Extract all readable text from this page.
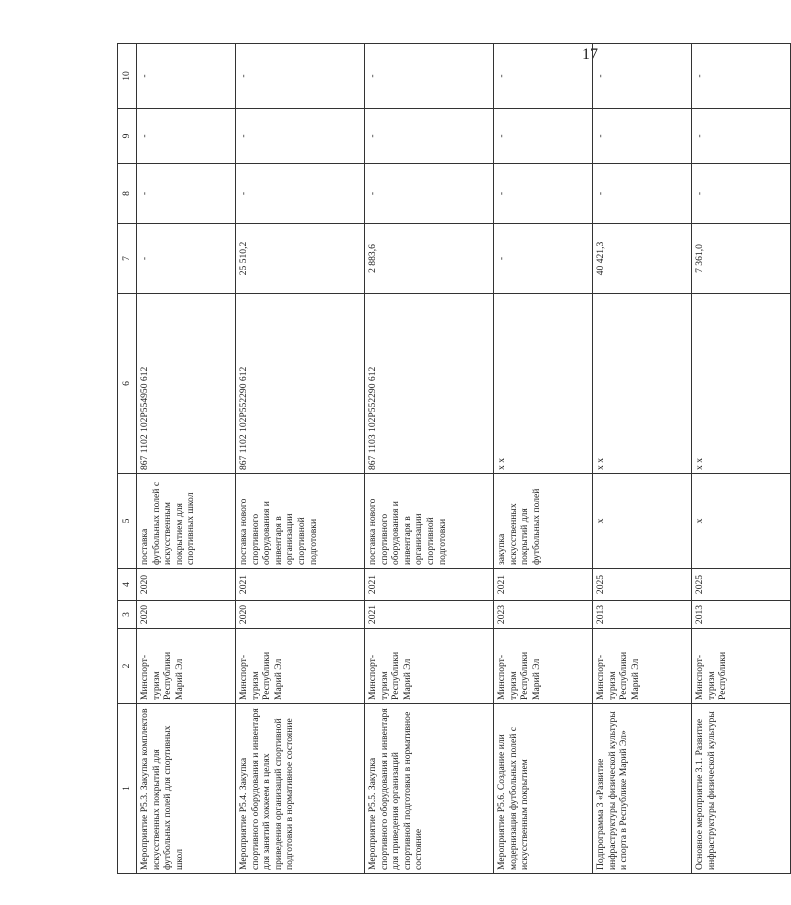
17
1	2	3	4	5	6	7	8	9	10
Мероприятие Р5.3. Закупка комплектов искусственных покрытий для футбольных полей для спортивных школ	Минспорт-туризм Республики Марий Эл	2020	2020	поставка футбольных полей с искусственным покрытием для спортивных школ	867 1102 102P554950 612	-	-	-	-
Мероприятие Р5.4. Закупка спортивного оборудования и инвентаря для занятий хоккеем в целях приведения организаций спортивной подготовки в нормативное состояние	Минспорт-туризм Республики Марий Эл	2020	2021	поставка нового спортивного оборудования и инвентаря в организации спортивной подготовки	867 1102 102P552290 612	25 510,2	-	-	-
Мероприятие Р5.5. Закупка спортивного оборудования и инвентаря для приведения организаций спортивной подготовки в нормативное состояние	Минспорт-туризм Республики Марий Эл	2021	2021	поставка нового спортивного оборудования и инвентаря в организации спортивной подготовки	867 1103 102P552290 612	2 883,6	-	-	-
Мероприятие Р5.6. Создание или модернизация футбольных полей с искусственным покрытием	Минспорт-туризм Республики Марий Эл	2023	2021	закупка искусственных покрытий для футбольных полей	х х	-	-	-	-
Подпрограмма 3 «Развитие инфраструктуры физической культуры и спорта в Республике Марий Эл»	Минспорт-туризм Республики Марий Эл	2013	2025	х	х х	40 421,3	-	-	-
Основное мероприятие 3.1. Развитие инфраструктуры физической культуры	Минспорт-туризм Республики	2013	2025	х	х х	7 361,0	-	-	-
